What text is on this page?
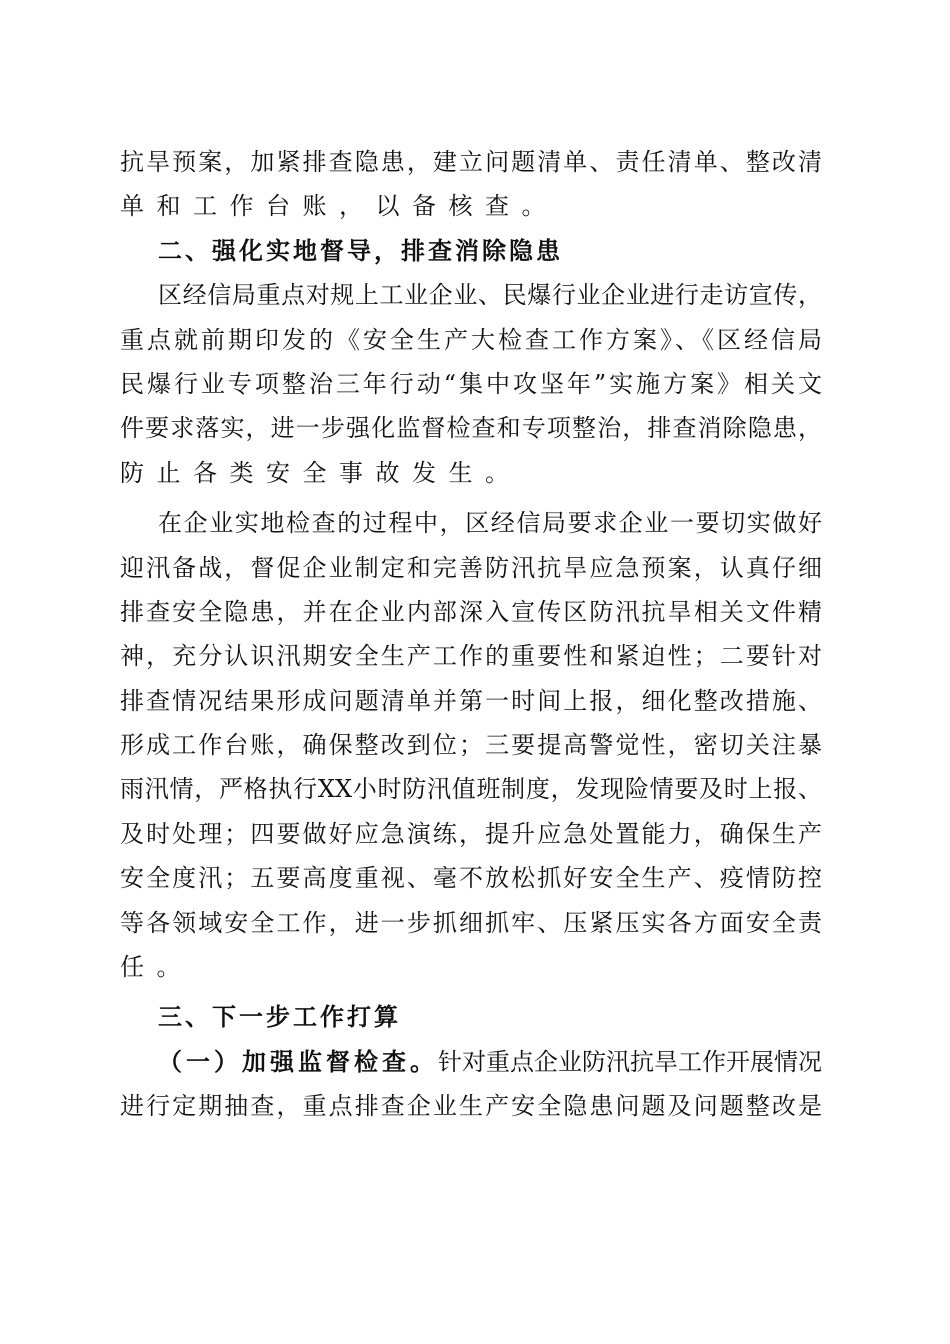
抗旱预案，加紧排查隐患，建立问题清单、责任清单、整改清
单和工作台账，以备核查。
二、强化实地督导，排查消除隐患
区经信局重点对规上工业企业、民爆行业企业进行走访宣传，
重点就前期印发的《安全生产大检查工作方案》、《区经信局
民爆行业专项整治三年行动“集中攻坚年”实施方案》相关文
件要求落实，进一步强化监督检查和专项整治，排查消除隐患，
防止各类安全事故发生。
在企业实地检查的过程中，区经信局要求企业一要切实做好
迎汛备战，督促企业制定和完善防汛抗旱应急预案，认真仔细
排查安全隐患，并在企业内部深入宣传区防汛抗旱相关文件精
神，充分认识汛期安全生产工作的重要性和紧迫性；二要针对
排查情况结果形成问题清单并第一时间上报，细化整改措施、
形成工作台账，确保整改到位；三要提高警觉性，密切关注暴
雨汛情，严格执行XX小时防汛值班制度，发现险情要及时上报、
及时处理；四要做好应急演练，提升应急处置能力，确保生产
安全度汛；五要高度重视、毫不放松抓好安全生产、疫情防控
等各领域安全工作，进一步抓细抓牢、压紧压实各方面安全责
任。
三、下一步工作打算
（一）加强监督检查。 针对重点企业防汛抗旱工作开展情况
进行定期抽查，重点排查企业生产安全隐患问题及问题整改是
